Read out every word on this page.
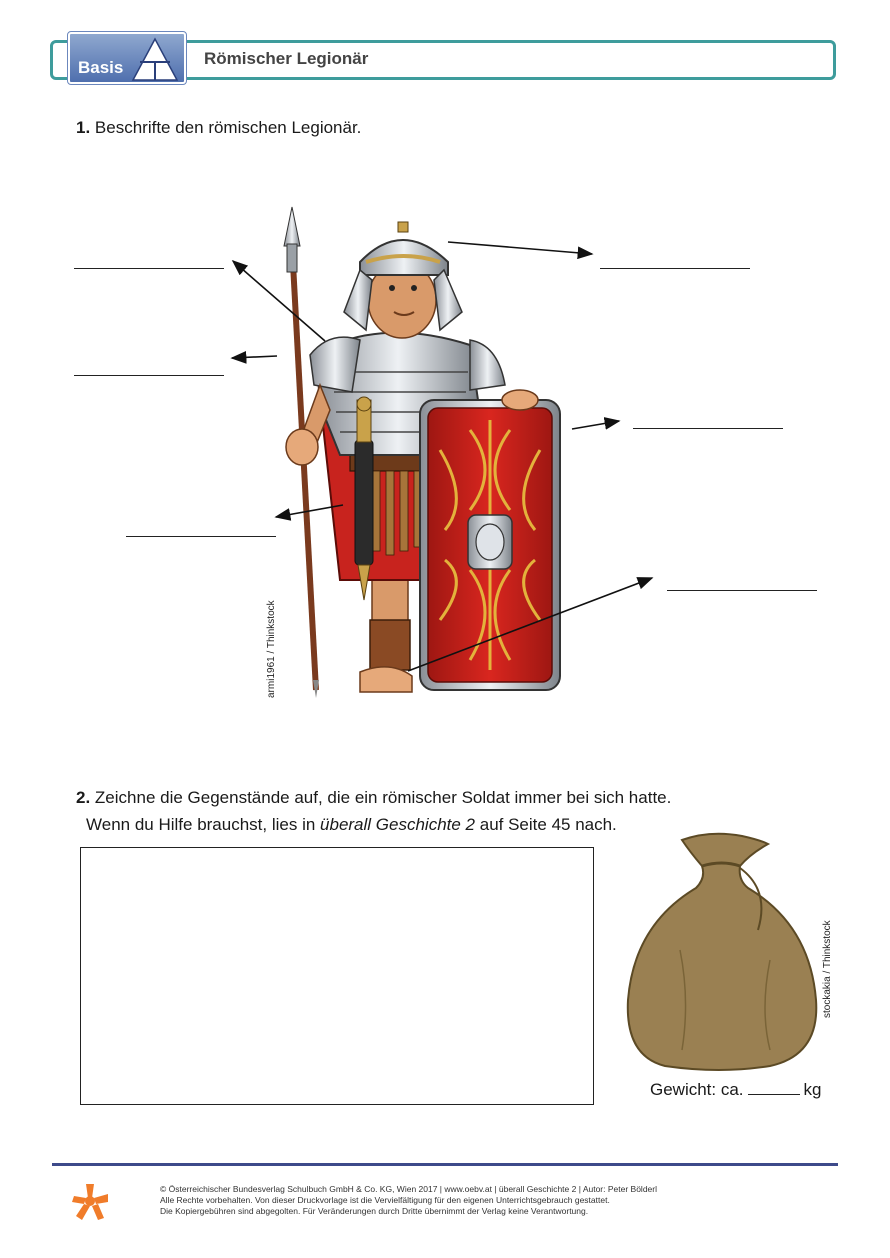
Basis	Römischer Legionär
1. Beschrifte den römischen Legionär.
armi1961 / Thinkstock
2. Zeichne die Gegenstände auf, die ein römischer Soldat immer bei sich hatte.
Wenn du Hilfe brauchst, lies in überall Geschichte 2 auf Seite 45 nach.
stockakia / Thinkstock
Gewicht: ca.	kg
© Österreichischer Bundesverlag Schulbuch GmbH & Co. KG, Wien 2017 | www.oebv.at | überall Geschichte 2 | Autor: Peter Bölderl
Alle Rechte vorbehalten. Von dieser Druckvorlage ist die Vervielfältigung für den eigenen Unterrichtsgebrauch gestattet.
Die Kopiergebühren sind abgegolten. Für Veränderungen durch Dritte übernimmt der Verlag keine Verantwortung.
